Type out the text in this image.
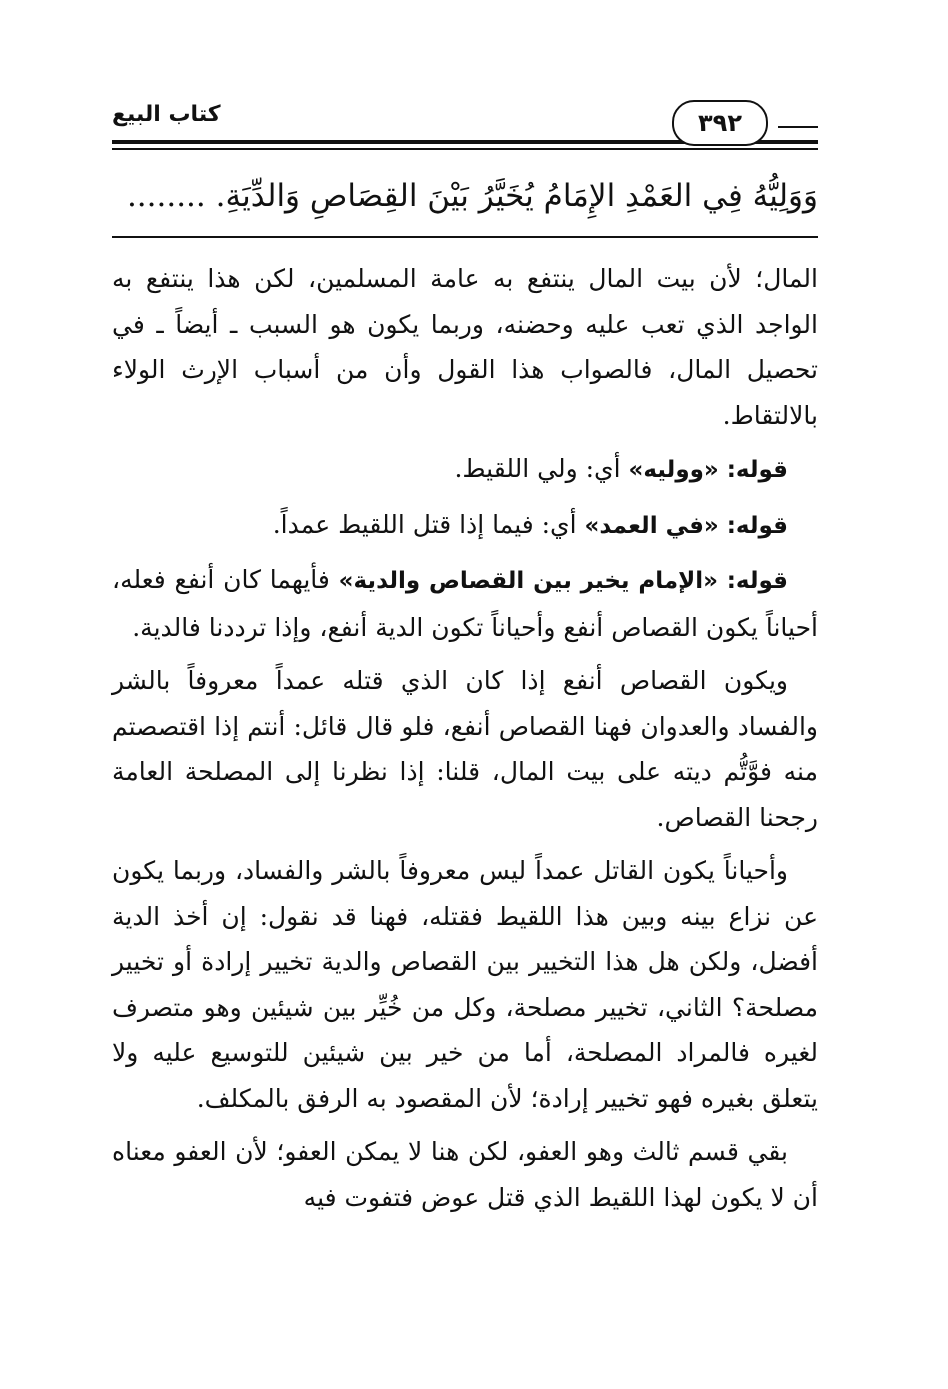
كتاب البيع	٣٩٢
وَوَلِيُّهُ فِي العَمْدِ الإِمَامُ يُخَيَّرُ بَيْنَ القِصَاصِ وَالدِّيَةِ. ........

المال؛ لأن بيت المال ينتفع به عامة المسلمين، لكن هذا ينتفع به الواجد الذي تعب عليه وحضنه، وربما يكون هو السبب ـ أيضاً ـ في تحصيل المال، فالصواب هذا القول وأن من أسباب الإرث الولاء بالالتقاط.

قوله: «ووليه» أي: ولي اللقيط.

قوله: «في العمد» أي: فيما إذا قتل اللقيط عمداً.

قوله: «الإمام يخير بين القصاص والدية» فأيهما كان أنفع فعله، أحياناً يكون القصاص أنفع وأحياناً تكون الدية أنفع، وإذا ترددنا فالدية.

ويكون القصاص أنفع إذا كان الذي قتله عمداً معروفاً بالشر والفساد والعدوان فهنا القصاص أنفع، فلو قال قائل: أنتم إذا اقتصصتم منه فوَّتُّم ديته على بيت المال، قلنا: إذا نظرنا إلى المصلحة العامة رجحنا القصاص.

وأحياناً يكون القاتل عمداً ليس معروفاً بالشر والفساد، وربما يكون عن نزاع بينه وبين هذا اللقيط فقتله، فهنا قد نقول: إن أخذ الدية أفضل، ولكن هل هذا التخيير بين القصاص والدية تخيير إرادة أو تخيير مصلحة؟ الثاني، تخيير مصلحة، وكل من خُيِّر بين شيئين وهو متصرف لغيره فالمراد المصلحة، أما من خير بين شيئين للتوسيع عليه ولا يتعلق بغيره فهو تخيير إرادة؛ لأن المقصود به الرفق بالمكلف.

بقي قسم ثالث وهو العفو، لكن هنا لا يمكن العفو؛ لأن العفو معناه أن لا يكون لهذا اللقيط الذي قتل عوض فتفوت فيه
